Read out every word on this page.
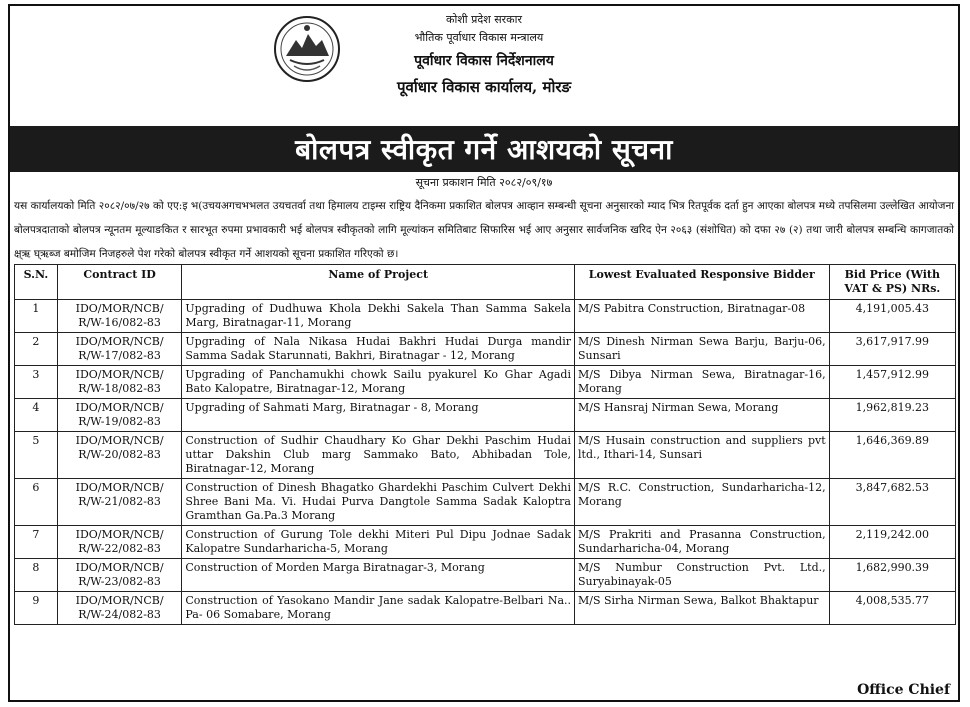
कोशी प्रदेश सरकार
भौतिक पूर्वाधार विकास मन्त्रालय
पूर्वाधार विकास निर्देशनालय
पूर्वाधार विकास कार्यालय, मोरङ
बोलपत्र स्वीकृत गर्ने आशयको सूचना
सूचना प्रकाशन मिति २०८२/०९/१७
यस कार्यालयको मिति २०८२/०७/२७ को एए:इ भ(उचयअगचभभलत उयचतर्वा तथा हिमालय टाइम्स राष्ट्रिय दैनिकमा प्रकाशित बोलपत्र आव्हान सम्बन्धी सूचना अनुसारको म्याद भित्र रितपूर्वक दर्ता हुन आएका बोलपत्र मध्ये तपसिलमा उल्लेखित आयोजना बोलपत्रदाताको बोलपत्र न्यूनतम मूल्याङकित र सारभूत रुपमा प्रभावकारी भई बोलपत्र स्वीकृतको लागि मूल्यांकन समितिबाट सिफारिस भई आए अनुसार सार्वजनिक खरिद ऐन २०६३ (संशोधित) को दफा २७ (२) तथा जारी बोलपत्र सम्बन्धि कागजातको क्ष्ऋ घ्ऋब्ज बमोजिम निजहरुले पेश गरेको बोलपत्र स्वीकृत गर्ने आशयको सूचना प्रकाशित गरिएको छ।
S.N.	Contract ID	Name of Project	Lowest Evaluated Responsive Bidder	Bid Price (With VAT & PS) NRs.
1	IDO/MOR/NCB/ R/W-16/082-83	Upgrading of Dudhuwa Khola Dekhi Sakela Than Samma Sakela Marg, Biratnagar-11, Morang	M/S Pabitra Construction, Biratnagar-08	4,191,005.43
2	IDO/MOR/NCB/ R/W-17/082-83	Upgrading of Nala Nikasa Hudai Bakhri Hudai Durga mandir Samma Sadak Starunnati, Bakhri, Biratnagar - 12, Morang	M/S Dinesh Nirman Sewa Barju, Barju-06, Sunsari	3,617,917.99
3	IDO/MOR/NCB/ R/W-18/082-83	Upgrading of Panchamukhi chowk Sailu pyakurel Ko Ghar Agadi Bato Kalopatre, Biratnagar-12, Morang	M/S Dibya Nirman Sewa, Biratnagar-16, Morang	1,457,912.99
4	IDO/MOR/NCB/ R/W-19/082-83	Upgrading of Sahmati Marg, Biratnagar - 8, Morang	M/S Hansraj Nirman Sewa, Morang	1,962,819.23
5	IDO/MOR/NCB/ R/W-20/082-83	Construction of Sudhir Chaudhary Ko Ghar Dekhi Paschim Hudai uttar Dakshin Club marg Sammako Bato, Abhibadan Tole, Biratnagar-12, Morang	M/S Husain construction and suppliers pvt ltd., Ithari-14, Sunsari	1,646,369.89
6	IDO/MOR/NCB/ R/W-21/082-83	Construction of Dinesh Bhagatko Ghardekhi Paschim Culvert Dekhi Shree Bani Ma. Vi. Hudai Purva Dangtole Samma Sadak Kaloptra Gramthan Ga.Pa.3 Morang	M/S R.C. Construction, Sundarharicha-12, Morang	3,847,682.53
7	IDO/MOR/NCB/ R/W-22/082-83	Construction of Gurung Tole dekhi Miteri Pul Dipu Jodnae Sadak Kalopatre Sundarharicha-5, Morang	M/S Prakriti and Prasanna Construction, Sundarharicha-04, Morang	2,119,242.00
8	IDO/MOR/NCB/ R/W-23/082-83	Construction of Morden Marga Biratnagar-3, Morang	M/S Numbur Construction Pvt. Ltd., Suryabinayak-05	1,682,990.39
9	IDO/MOR/NCB/ R/W-24/082-83	Construction of Yasokano Mandir Jane sadak Kalopatre-Belbari Na.. Pa- 06 Somabare, Morang	M/S Sirha Nirman Sewa, Balkot Bhaktapur	4,008,535.77
Office Chief
